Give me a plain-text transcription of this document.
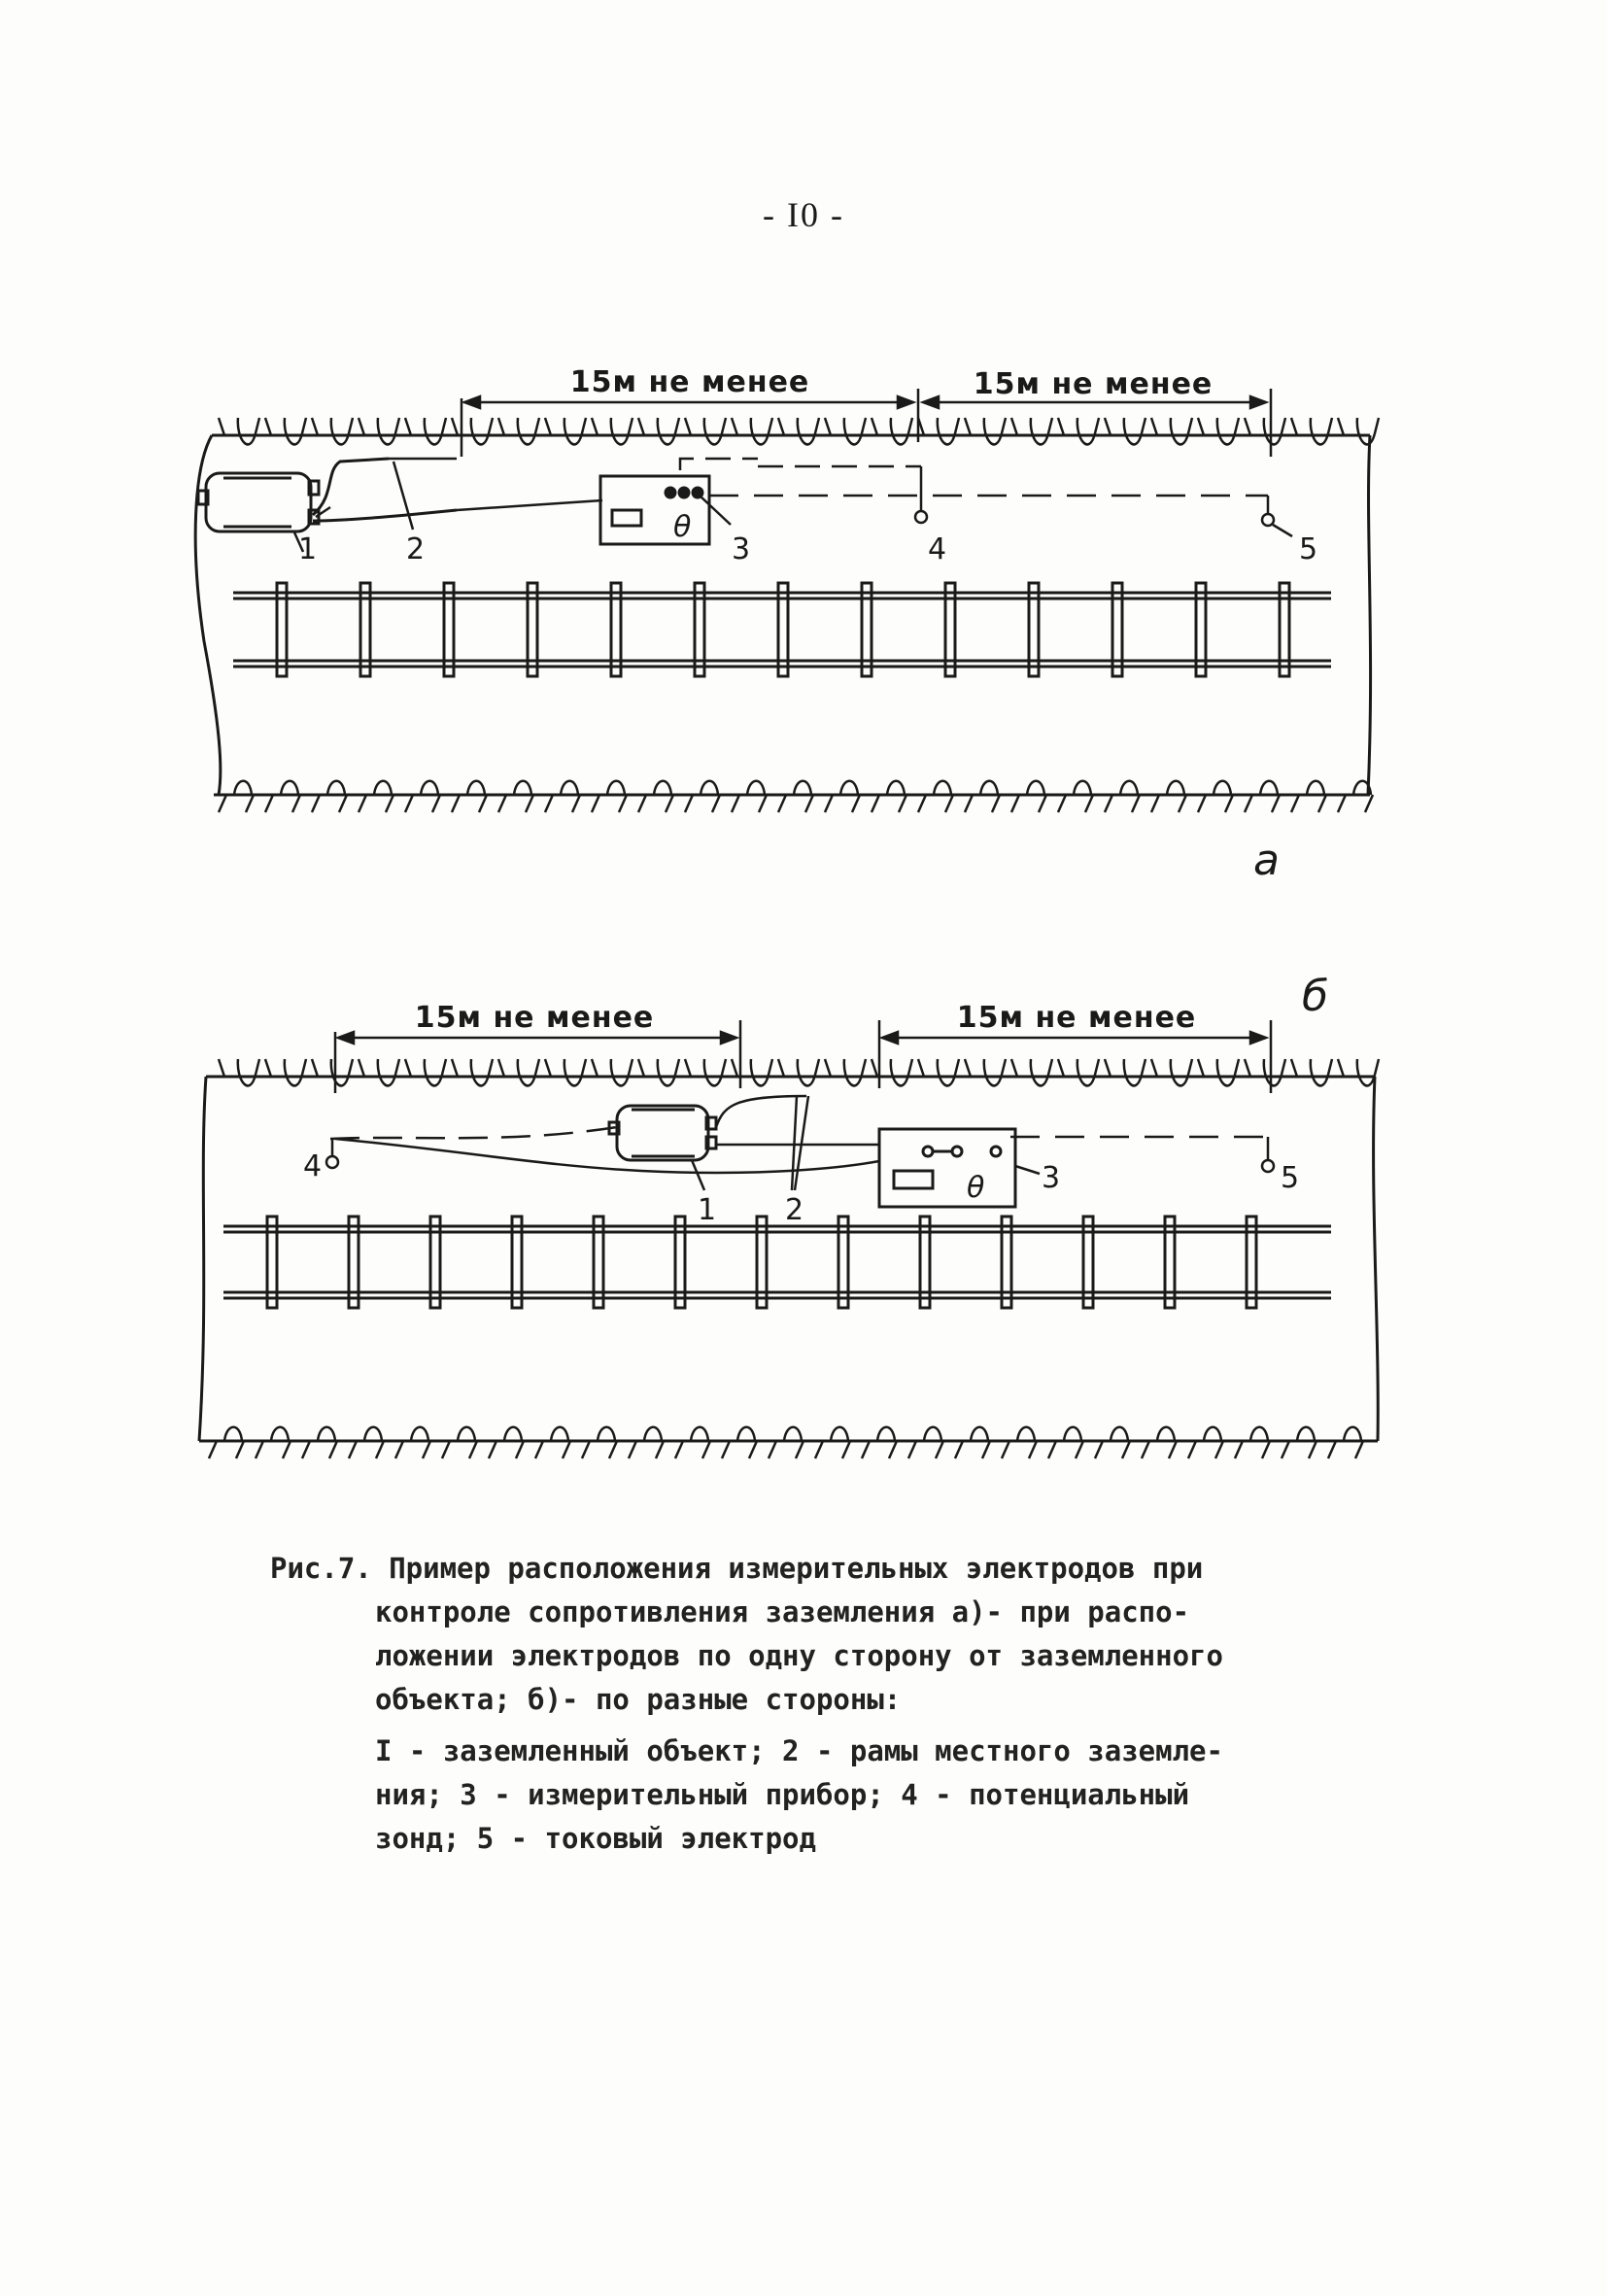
- I0 -
15м не менее	15м не менее
θ
1	2	3	4	5
а
15м не менее	15м не менее б
θ
4
1 2
3	5
Рис.7. Пример расположения измерительных электродов при
контроле сопротивления заземления а)- при распо-
ложении электродов по одну сторону от заземленного
объекта; б)- по разные стороны:
I - заземленный объект; 2 - рамы местного заземле-
ния; 3 - измерительный прибор; 4 - потенциальный
зонд; 5 - токовый электрод
